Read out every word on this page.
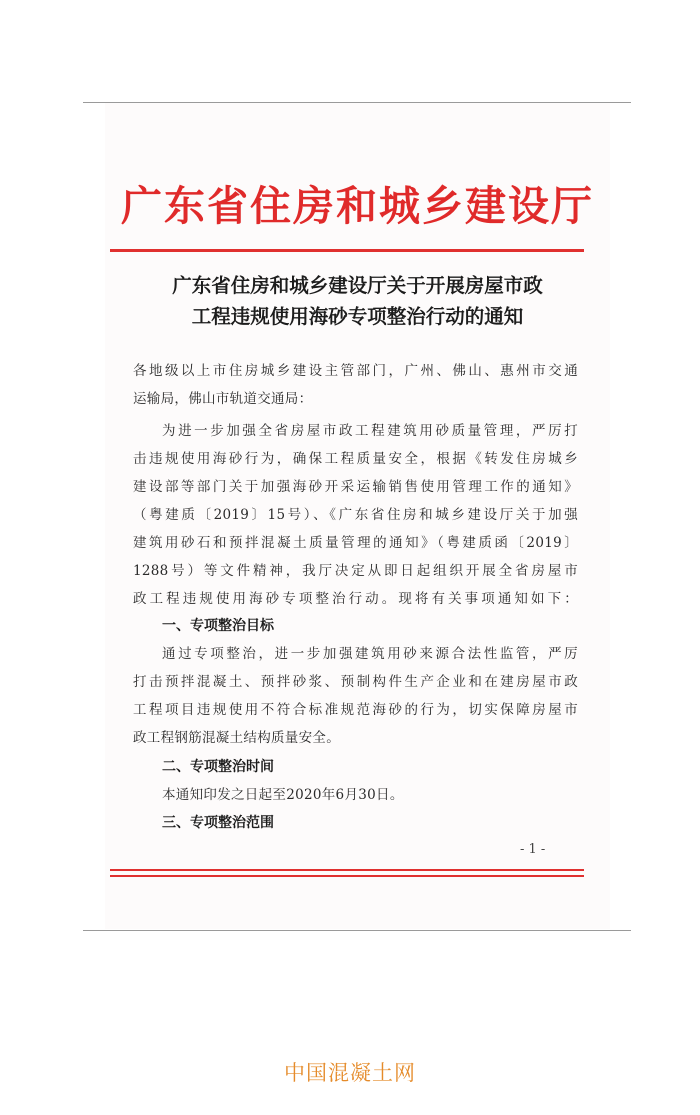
广东省住房和城乡建设厅
广东省住房和城乡建设厅关于开展房屋市政
工程违规使用海砂专项整治行动的通知
各地级以上市住房城乡建设主管部门，广州、佛山、惠州市交通
运输局，佛山市轨道交通局：
为进一步加强全省房屋市政工程建筑用砂质量管理，严厉打
击违规使用海砂行为，确保工程质量安全，根据《转发住房城乡
建设部等部门关于加强海砂开采运输销售使用管理工作的通知》
（粤建质〔2019〕15号）、《广东省住房和城乡建设厅关于加强
建筑用砂石和预拌混凝土质量管理的通知》（粤建质函〔2019〕
1288号）等文件精神，我厅决定从即日起组织开展全省房屋市
政工程违规使用海砂专项整治行动。现将有关事项通知如下：
一、专项整治目标
通过专项整治，进一步加强建筑用砂来源合法性监管，严厉
打击预拌混凝土、预拌砂浆、预制构件生产企业和在建房屋市政
工程项目违规使用不符合标准规范海砂的行为，切实保障房屋市
政工程钢筋混凝土结构质量安全。
二、专项整治时间
本通知印发之日起至2020年6月30日。
三、专项整治范围
- 1 -
中国混凝土网
